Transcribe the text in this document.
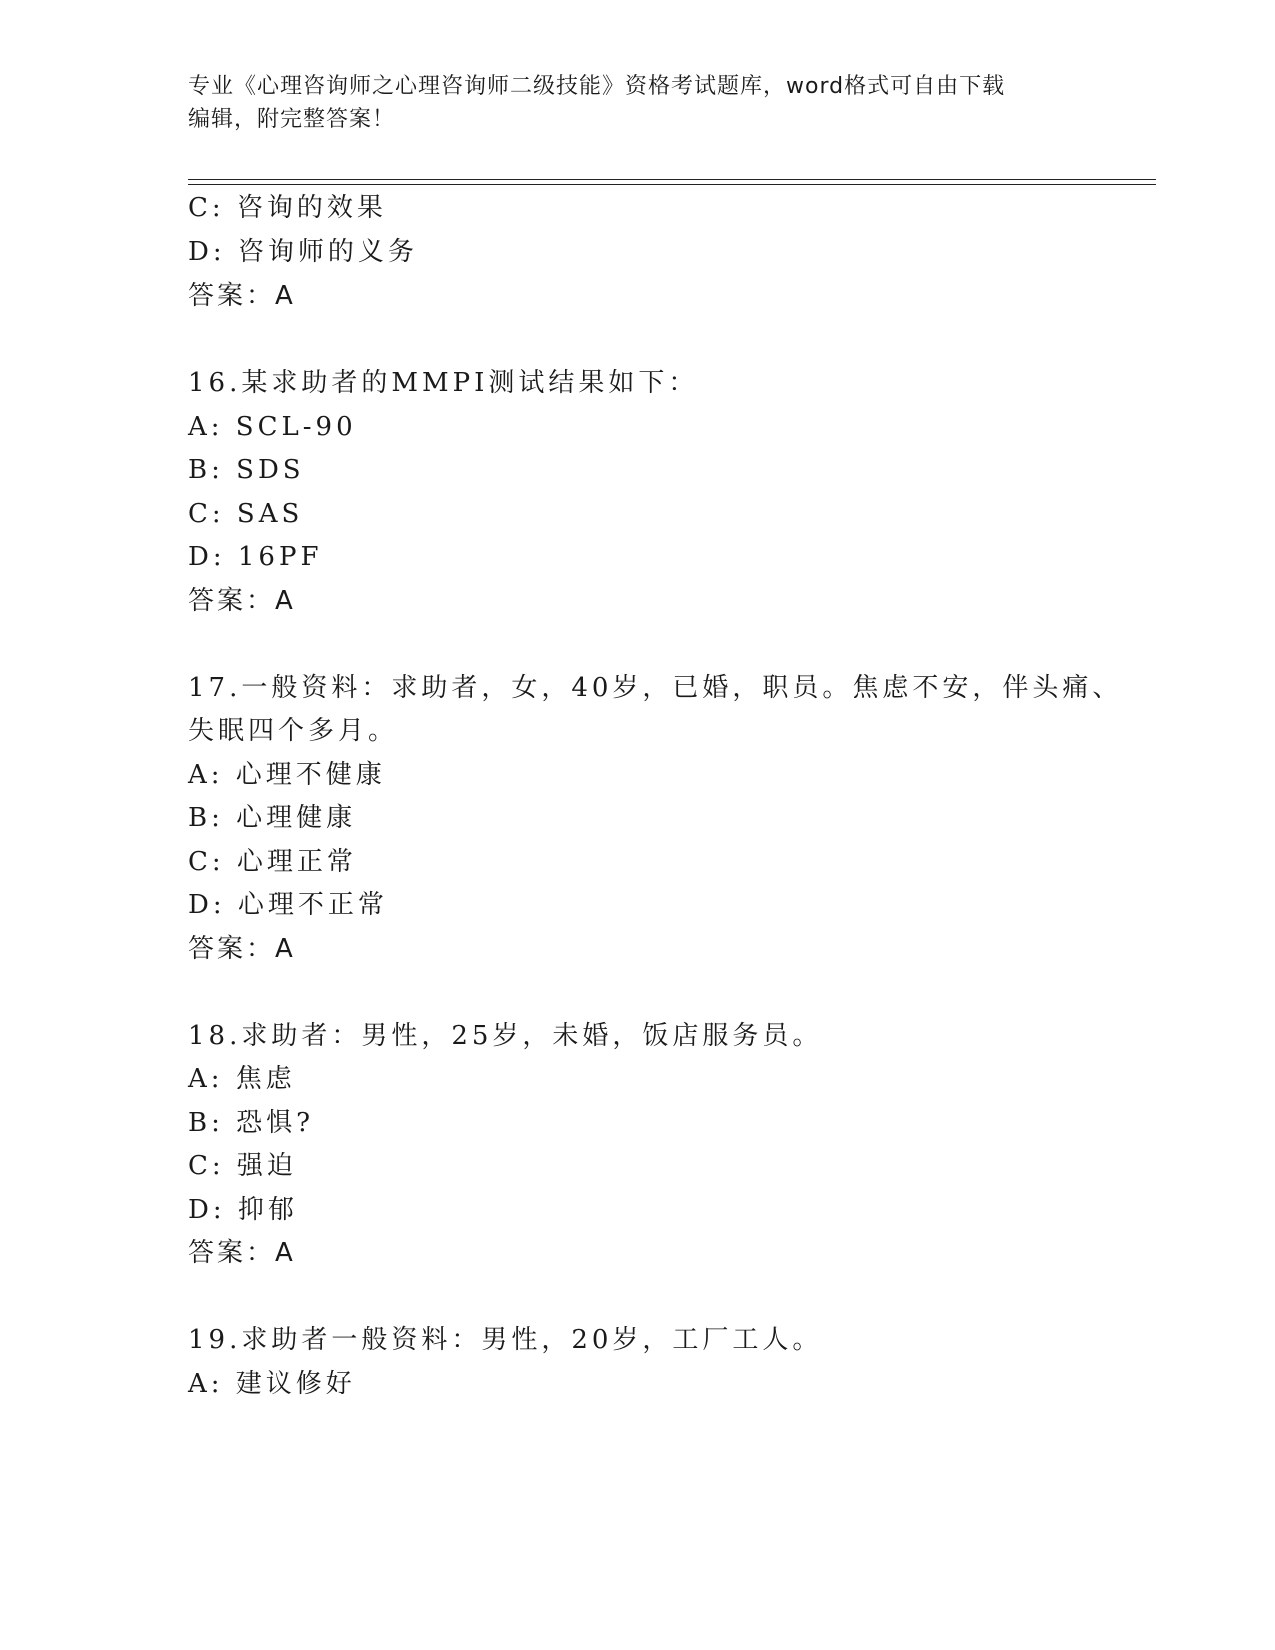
专业《心理咨询师之心理咨询师二级技能》资格考试题库，word格式可自由下载
编辑，附完整答案！
C: 咨询的效果
D: 咨询师的义务
答案：A
16.某求助者的MMPI测试结果如下：
A: SCL-90
B: SDS
C: SAS
D: 16PF
答案：A
17.一般资料：求助者，女，40岁，已婚，职员。焦虑不安，伴头痛、
失眠四个多月。
A: 心理不健康
B: 心理健康
C: 心理正常
D: 心理不正常
答案：A
18.求助者：男性，25岁，未婚，饭店服务员。
A: 焦虑
B: 恐惧?
C: 强迫
D: 抑郁
答案：A
19.求助者一般资料：男性，20岁，工厂工人。
A: 建议修好
